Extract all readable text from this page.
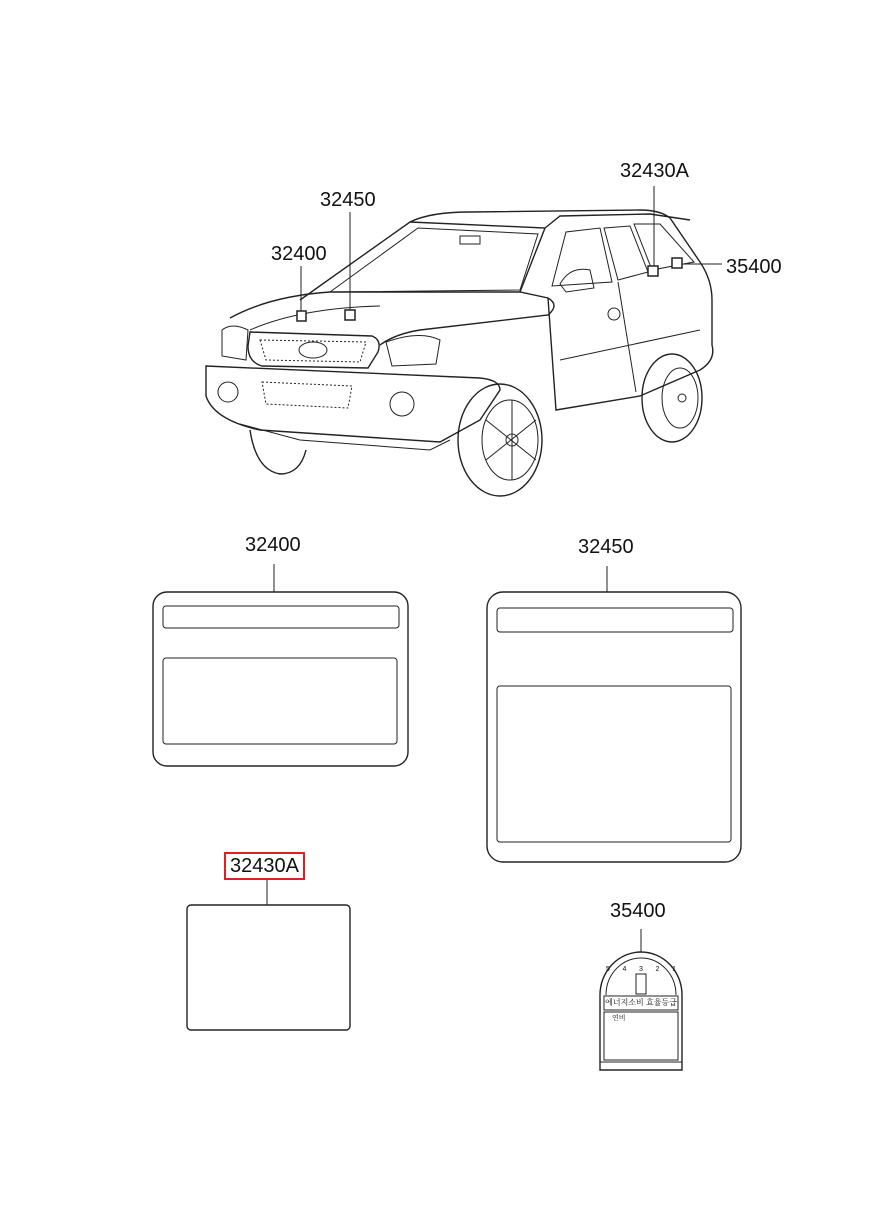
32400
32450
32430A
35400
32400	32450
32430A
35400
5 4 3 2 1
에너지소비 효율등급
연비
